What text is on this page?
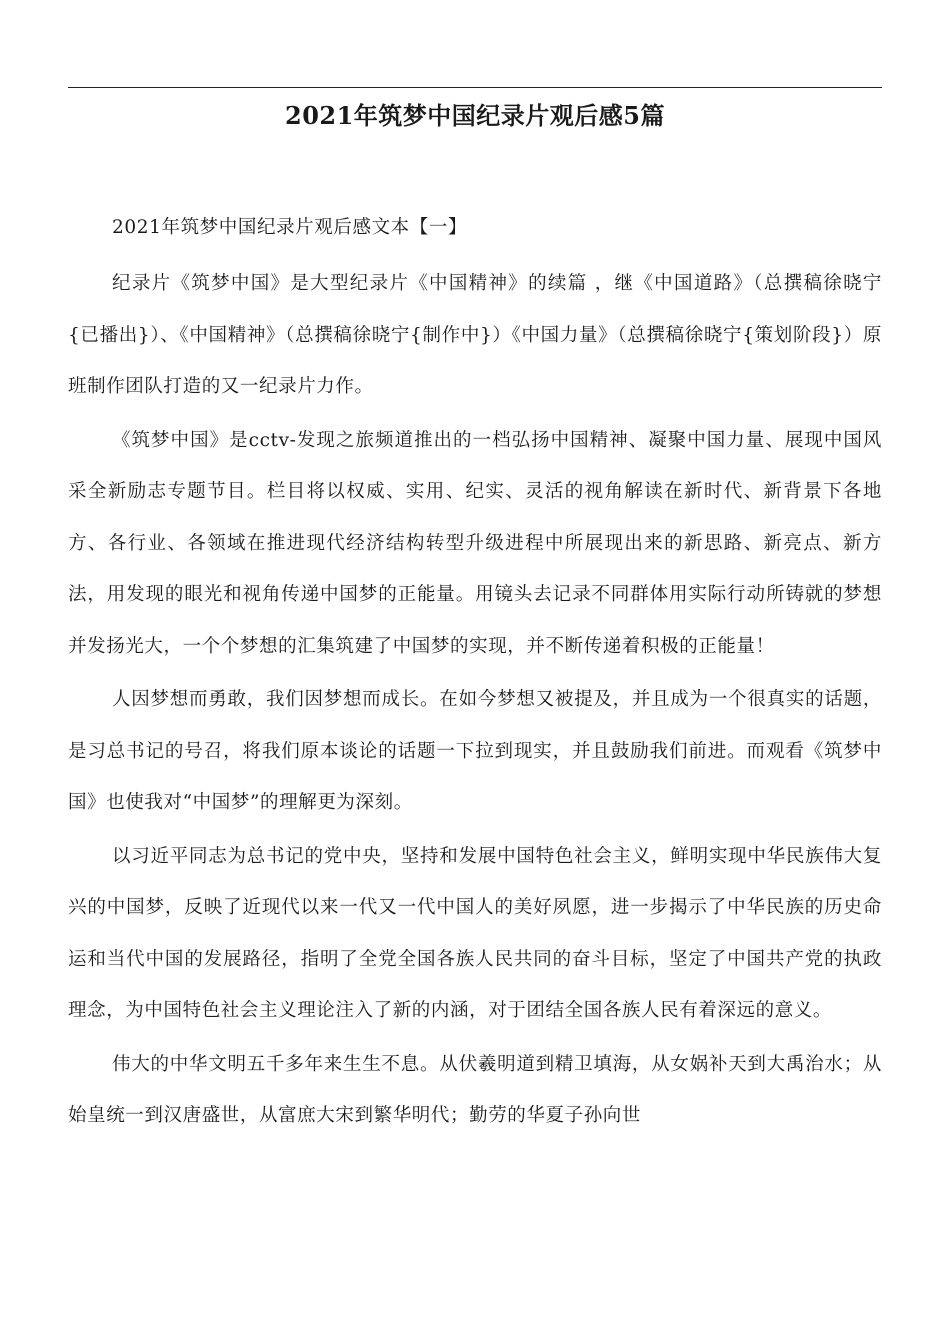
2021年筑梦中国纪录片观后感5篇

2021年筑梦中国纪录片观后感文本【一】

纪录片《筑梦中国》是大型纪录片《中国精神》的续篇 ，继《中国道路》（总撰稿徐晓宁{已播出}）、《中国精神》（总撰稿徐晓宁{制作中}）《中国力量》（总撰稿徐晓宁{策划阶段}）原班制作团队打造的又一纪录片力作。

《筑梦中国》是cctv-发现之旅频道推出的一档弘扬中国精神、凝聚中国力量、展现中国风采全新励志专题节目。栏目将以权威、实用、纪实、灵活的视角解读在新时代、新背景下各地方、各行业、各领域在推进现代经济结构转型升级进程中所展现出来的新思路、新亮点、新方法，用发现的眼光和视角传递中国梦的正能量。用镜头去记录不同群体用实际行动所铸就的梦想并发扬光大，一个个梦想的汇集筑建了中国梦的实现，并不断传递着积极的正能量！

人因梦想而勇敢，我们因梦想而成长。在如今梦想又被提及，并且成为一个很真实的话题，是习总书记的号召，将我们原本谈论的话题一下拉到现实，并且鼓励我们前进。而观看《筑梦中国》也使我对“中国梦”的理解更为深刻。

以习近平同志为总书记的党中央，坚持和发展中国特色社会主义，鲜明实现中华民族伟大复兴的中国梦，反映了近现代以来一代又一代中国人的美好夙愿，进一步揭示了中华民族的历史命运和当代中国的发展路径，指明了全党全国各族人民共同的奋斗目标，坚定了中国共产党的执政理念，为中国特色社会主义理论注入了新的内涵，对于团结全国各族人民有着深远的意义。

伟大的中华文明五千多年来生生不息。从伏羲明道到精卫填海，从女娲补天到大禹治水；从始皇统一到汉唐盛世，从富庶大宋到繁华明代；勤劳的华夏子孙向世
